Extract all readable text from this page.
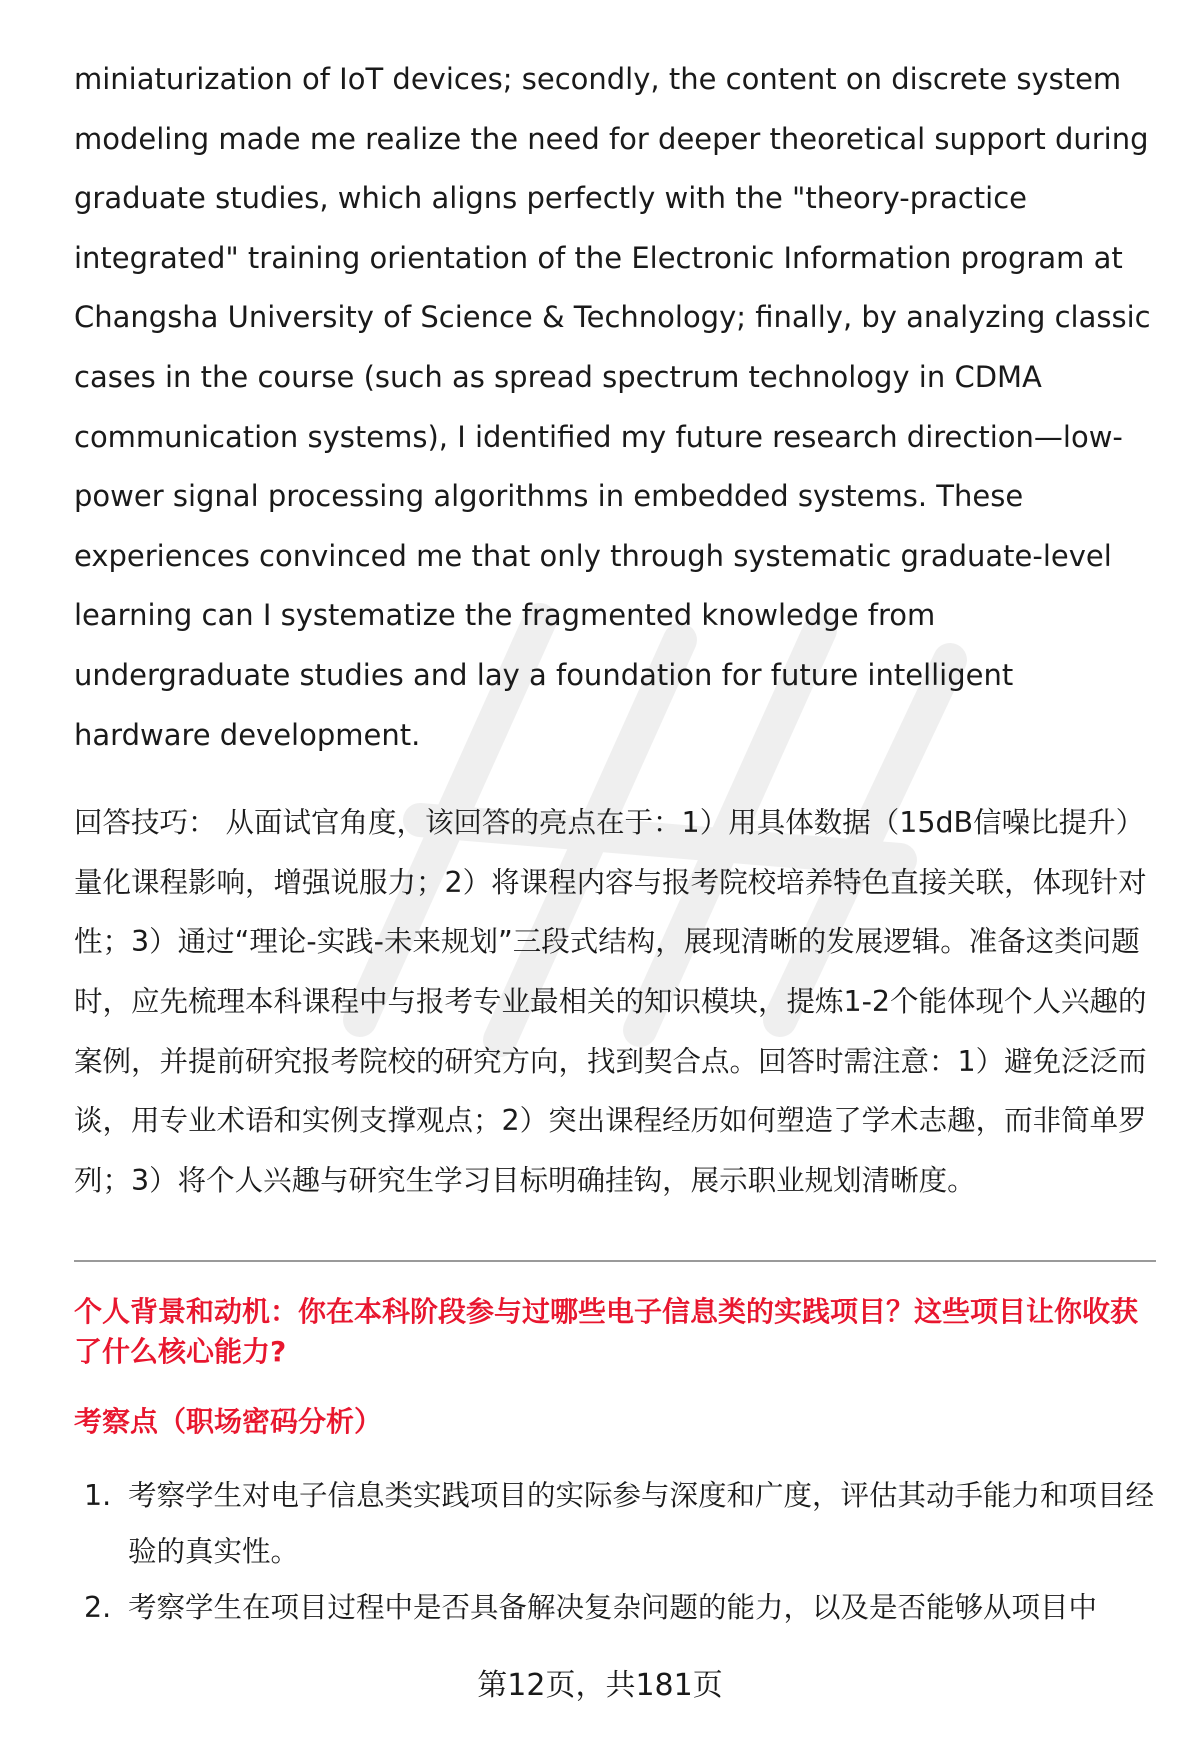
miniaturization of IoT devices; secondly, the content on discrete system modeling made me realize the need for deeper theoretical support during graduate studies, which aligns perfectly with the "theory-practice integrated" training orientation of the Electronic Information program at Changsha University of Science & Technology; finally, by analyzing classic cases in the course (such as spread spectrum technology in CDMA communication systems), I identified my future research direction—low-power signal processing algorithms in embedded systems. These experiences convinced me that only through systematic graduate-level learning can I systematize the fragmented knowledge from undergraduate studies and lay a foundation for future intelligent hardware development.

回答技巧： 从面试官角度，该回答的亮点在于：1）用具体数据（15dB信噪比提升）量化课程影响，增强说服力；2）将课程内容与报考院校培养特色直接关联，体现针对性；3）通过“理论-实践-未来规划”三段式结构，展现清晰的发展逻辑。准备这类问题时，应先梳理本科课程中与报考专业最相关的知识模块，提炼1-2个能体现个人兴趣的案例，并提前研究报考院校的研究方向，找到契合点。回答时需注意：1）避免泛泛而谈，用专业术语和实例支撑观点；2）突出课程经历如何塑造了学术志趣，而非简单罗列；3）将个人兴趣与研究生学习目标明确挂钩，展示职业规划清晰度。

个人背景和动机：你在本科阶段参与过哪些电子信息类的实践项目？这些项目让你收获了什么核心能力?
考察点（职场密码分析）
1. 考察学生对电子信息类实践项目的实际参与深度和广度，评估其动手能力和项目经验的真实性。
2. 考察学生在项目过程中是否具备解决复杂问题的能力，以及是否能够从项目中
第12页，共181页
